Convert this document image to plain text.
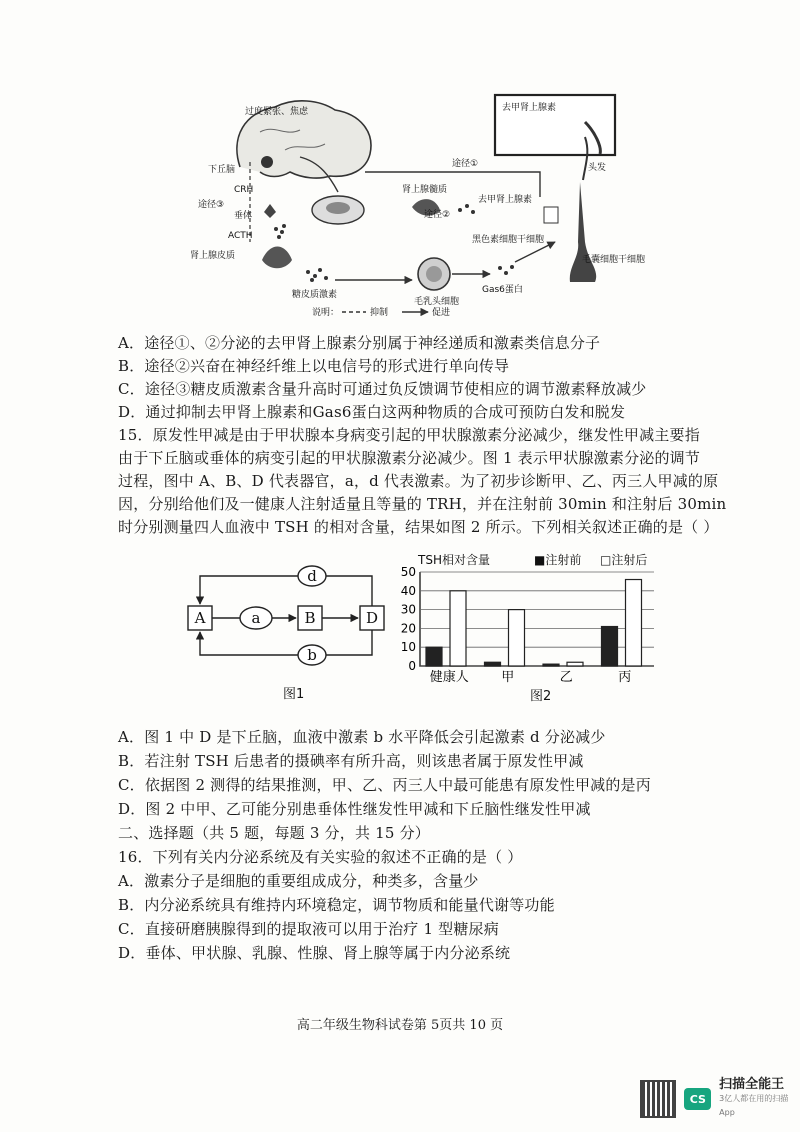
过度紧张、焦虑
下丘脑
CRH
途径③
垂体
ACTH
肾上腺皮质
糖皮质激素
途径①
肾上腺髓质
去甲肾上腺素
去甲肾上腺素
途径②
头发
黑色素细胞干细胞
毛囊细胞干细胞
毛乳头细胞
Gas6蛋白
说明：	抑制	促进
A．途径①、②分泌的去甲肾上腺素分别属于神经递质和激素类信息分子
B．途径②兴奋在神经纤维上以电信号的形式进行单向传导
C．途径③糖皮质激素含量升高时可通过负反馈调节使相应的调节激素释放减少
D．通过抑制去甲肾上腺素和Gas6蛋白这两种物质的合成可预防白发和脱发
15．原发性甲减是由于甲状腺本身病变引起的甲状腺激素分泌减少，继发性甲减主要指
由于下丘脑或垂体的病变引起的甲状腺激素分泌减少。图 1 表示甲状腺激素分泌的调节
过程，图中 A、B、D 代表器官，a，d 代表激素。为了初步诊断甲、乙、丙三人甲减的原
因，分别给他们及一健康人注射适量且等量的 TRH，并在注射前 30min 和注射后 30min
时分别测量四人血液中 TSH 的相对含量，结果如图 2 所示。下列相关叙述正确的是（ ）
A	B	D
a
d
b
图1
TSH相对含量	■注射前 □注射后
0
10
20
30
40
50
健康人 甲	乙	丙
图2
A．图 1 中 D 是下丘脑，血液中激素 b 水平降低会引起激素 d 分泌减少
B．若注射 TSH 后患者的摄碘率有所升高，则该患者属于原发性甲减
C．依据图 2 测得的结果推测，甲、乙、丙三人中最可能患有原发性甲减的是丙
D．图 2 中甲、乙可能分别患垂体性继发性甲减和下丘脑性继发性甲减
二、选择题（共 5 题，每题 3 分，共 15 分）
16．下列有关内分泌系统及有关实验的叙述不正确的是（ ）
A．激素分子是细胞的重要组成成分，种类多，含量少
B．内分泌系统具有维持内环境稳定，调节物质和能量代谢等功能
C．直接研磨胰腺得到的提取液可以用于治疗 1 型糖尿病
D．垂体、甲状腺、乳腺、性腺、肾上腺等属于内分泌系统
高二年级生物科试卷第 5页共 10 页
CS
扫描全能王
3亿人都在用的扫描App
